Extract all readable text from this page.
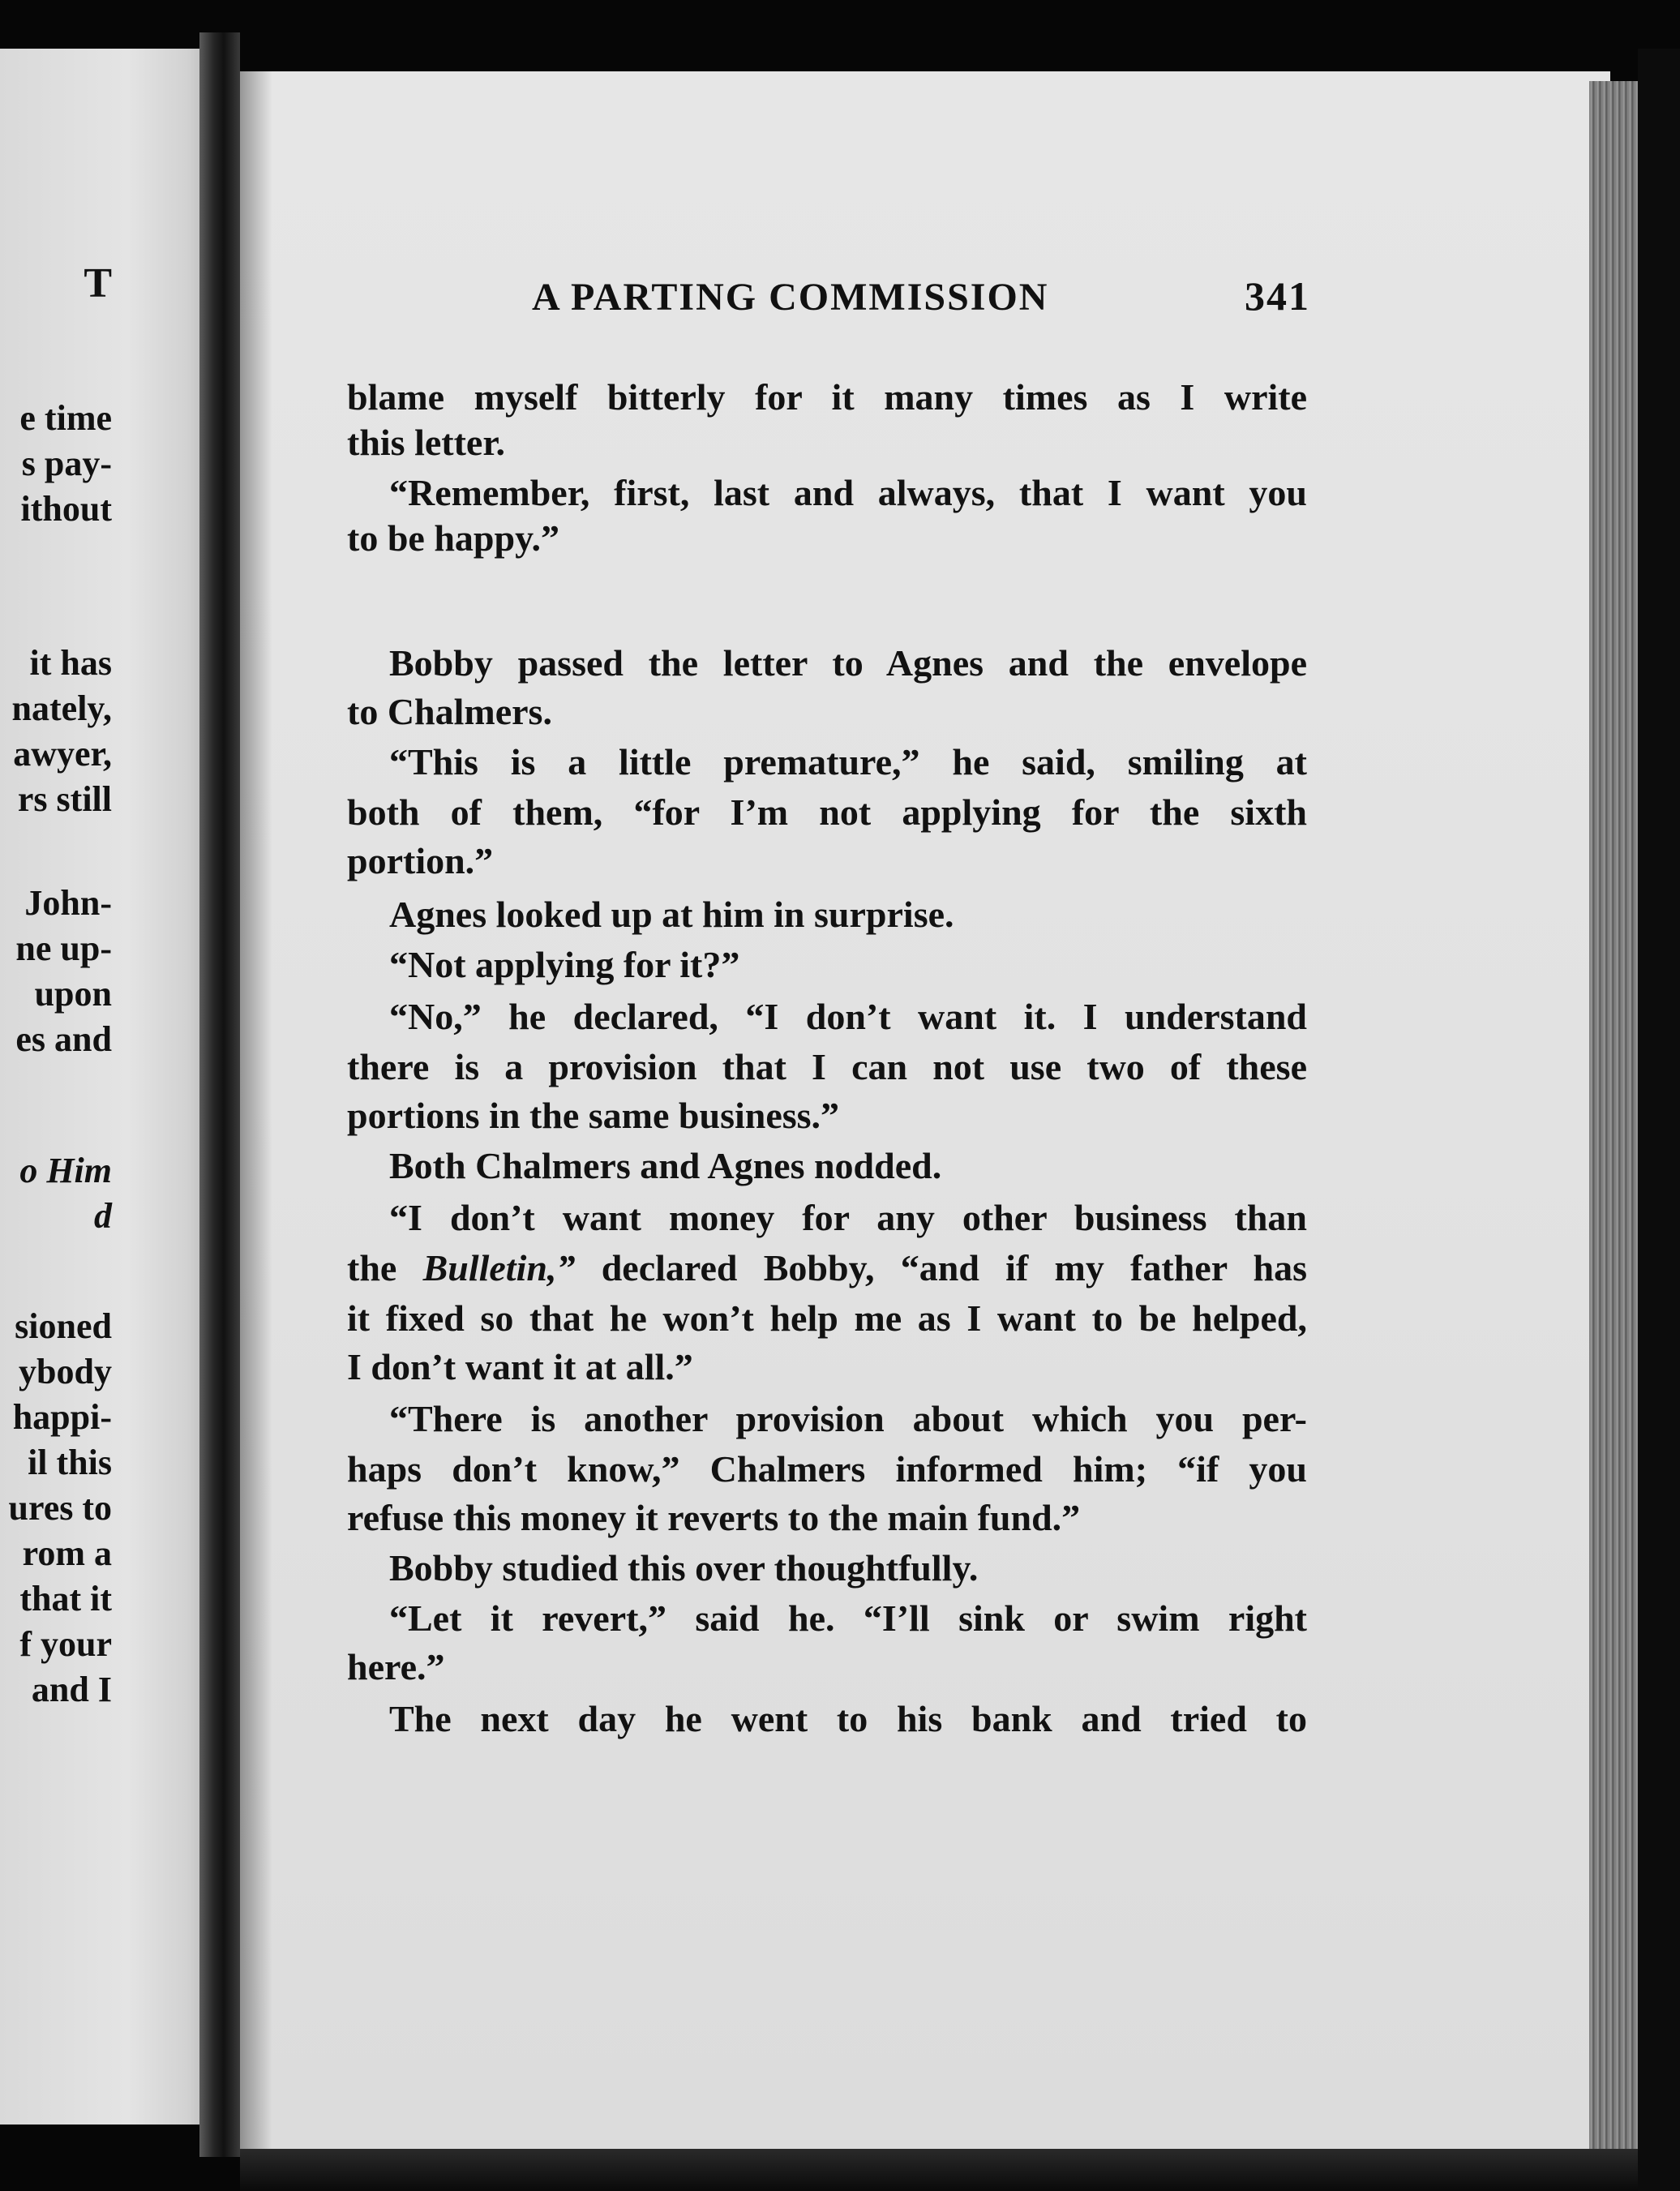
T
e time
s pay-
ithout
it has
nately,
awyer,
rs still
John-
ne up-
upon
es and
o Him
d
sioned
ybody
happi-
il this
ures to
rom a
that it
f your
and I
A PARTING COMMISSION	341
blame myself bitterly for it many times as I write
this letter.
“Remember, first, last and always, that I want you
to be happy.”
Bobby passed the letter to Agnes and the envelope
to Chalmers.
“This is a little premature,” he said, smiling at
both of them, “for I’m not applying for the sixth
portion.”
Agnes looked up at him in surprise.
“Not applying for it?”
“No,” he declared, “I don’t want it. I understand
there is a provision that I can not use two of these
portions in the same business.”
Both Chalmers and Agnes nodded.
“I don’t want money for any other business than
the Bulletin,” declared Bobby, “and if my father has
it fixed so that he won’t help me as I want to be helped,
I don’t want it at all.”
“There is another provision about which you per-
haps don’t know,” Chalmers informed him; “if you
refuse this money it reverts to the main fund.”
Bobby studied this over thoughtfully.
“Let it revert,” said he. “I’ll sink or swim right
here.”
The next day he went to his bank and tried to
